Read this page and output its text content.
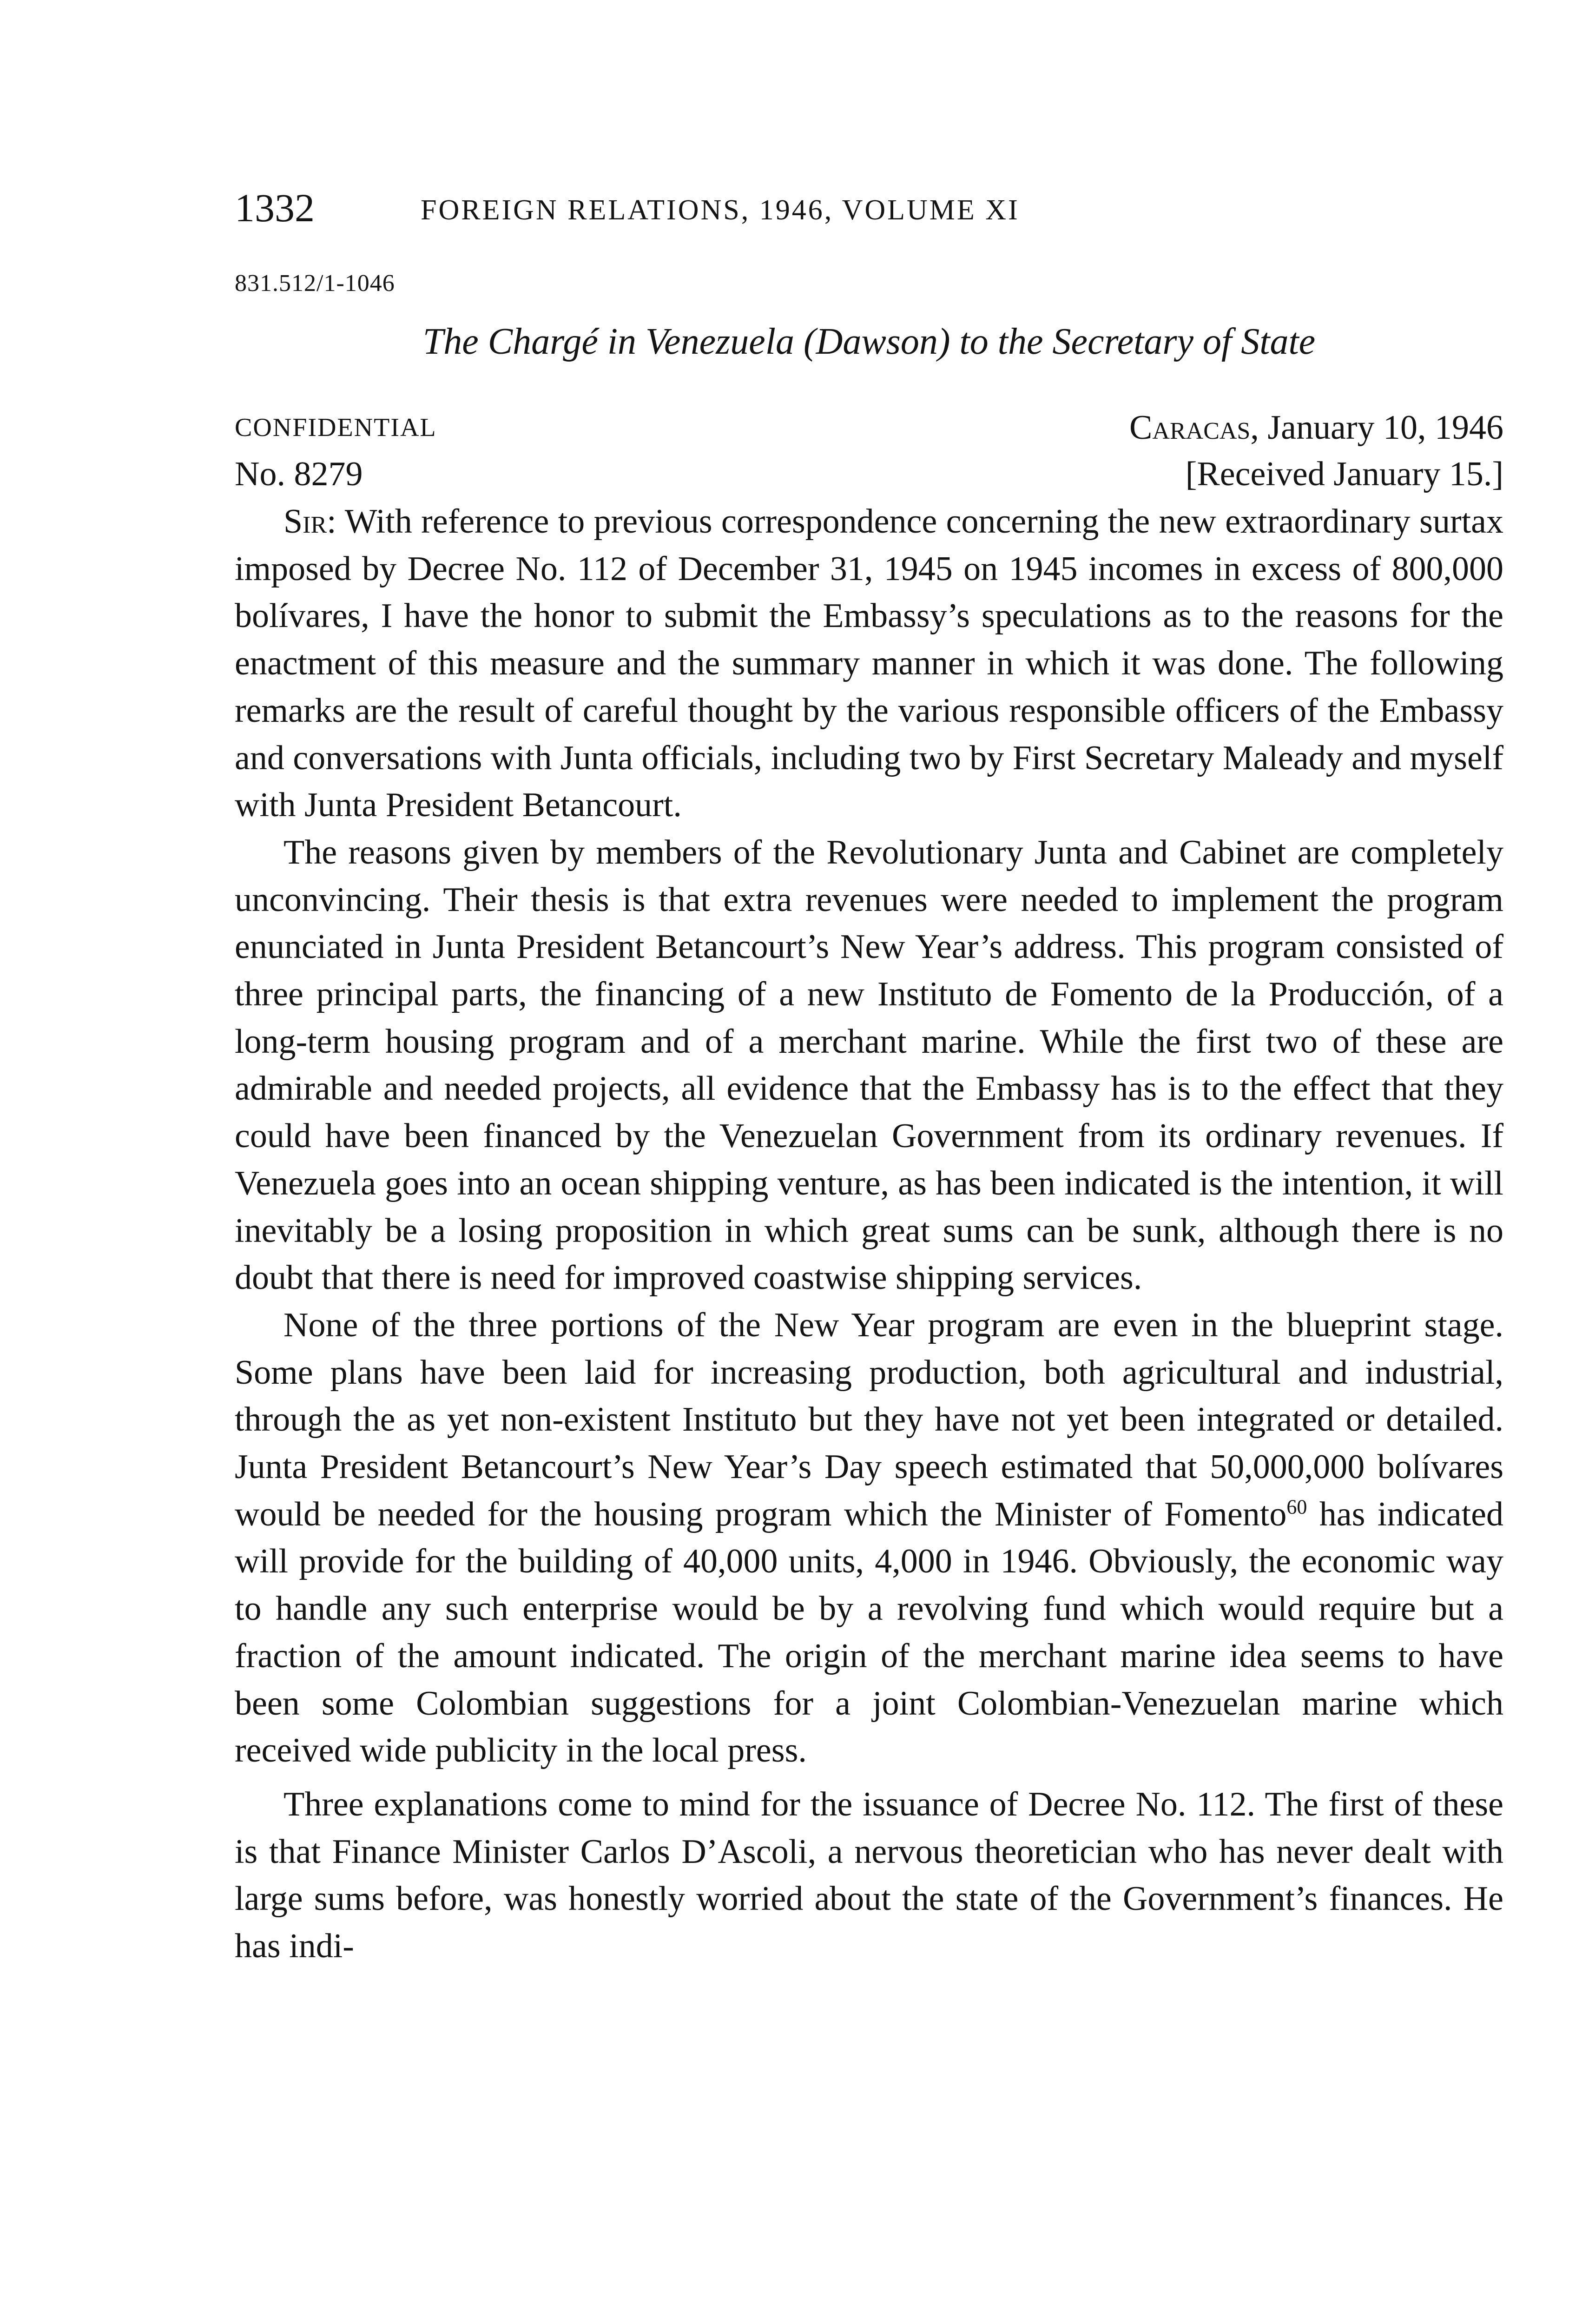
1332	FOREIGN RELATIONS, 1946, VOLUME XI
831.512/1-1046
The Chargé in Venezuela (Dawson) to the Secretary of State
CONFIDENTIAL	Caracas, January 10, 1946
No. 8279	[Received January 15.]

Sir: With reference to previous correspondence concerning the new extraordinary surtax imposed by Decree No. 112 of December 31, 1945 on 1945 incomes in excess of 800,000 bolívares, I have the honor to submit the Embassy’s speculations as to the reasons for the enactment of this measure and the summary manner in which it was done. The following remarks are the result of careful thought by the various responsible officers of the Embassy and conversations with Junta officials, including two by First Secretary Maleady and myself with Junta President Betancourt.

The reasons given by members of the Revolutionary Junta and Cabinet are completely unconvincing. Their thesis is that extra revenues were needed to implement the program enunciated in Junta President Betancourt’s New Year’s address. This program consisted of three principal parts, the financing of a new Instituto de Fomento de la Producción, of a long-term housing program and of a merchant marine. While the first two of these are admirable and needed projects, all evidence that the Embassy has is to the effect that they could have been financed by the Venezuelan Government from its ordinary revenues. If Venezuela goes into an ocean shipping venture, as has been indicated is the intention, it will inevitably be a losing proposition in which great sums can be sunk, although there is no doubt that there is need for improved coastwise shipping services.

None of the three portions of the New Year program are even in the blueprint stage. Some plans have been laid for increasing production, both agricultural and industrial, through the as yet non-existent Instituto but they have not yet been integrated or detailed. Junta President Betancourt’s New Year’s Day speech estimated that 50,000,000 bolívares would be needed for the housing program which the Minister of Fomento$^{60}$ has indicated will provide for the building of 40,000 units, 4,000 in 1946. Obviously, the economic way to handle any such enterprise would be by a revolving fund which would require but a fraction of the amount indicated. The origin of the merchant marine idea seems to have been some Colombian suggestions for a joint Colombian-Venezuelan marine which received wide publicity in the local press.

Three explanations come to mind for the issuance of Decree No. 112. The first of these is that Finance Minister Carlos D’Ascoli, a nervous theoretician who has never dealt with large sums before, was honestly worried about the state of the Government’s finances. He has indi-
